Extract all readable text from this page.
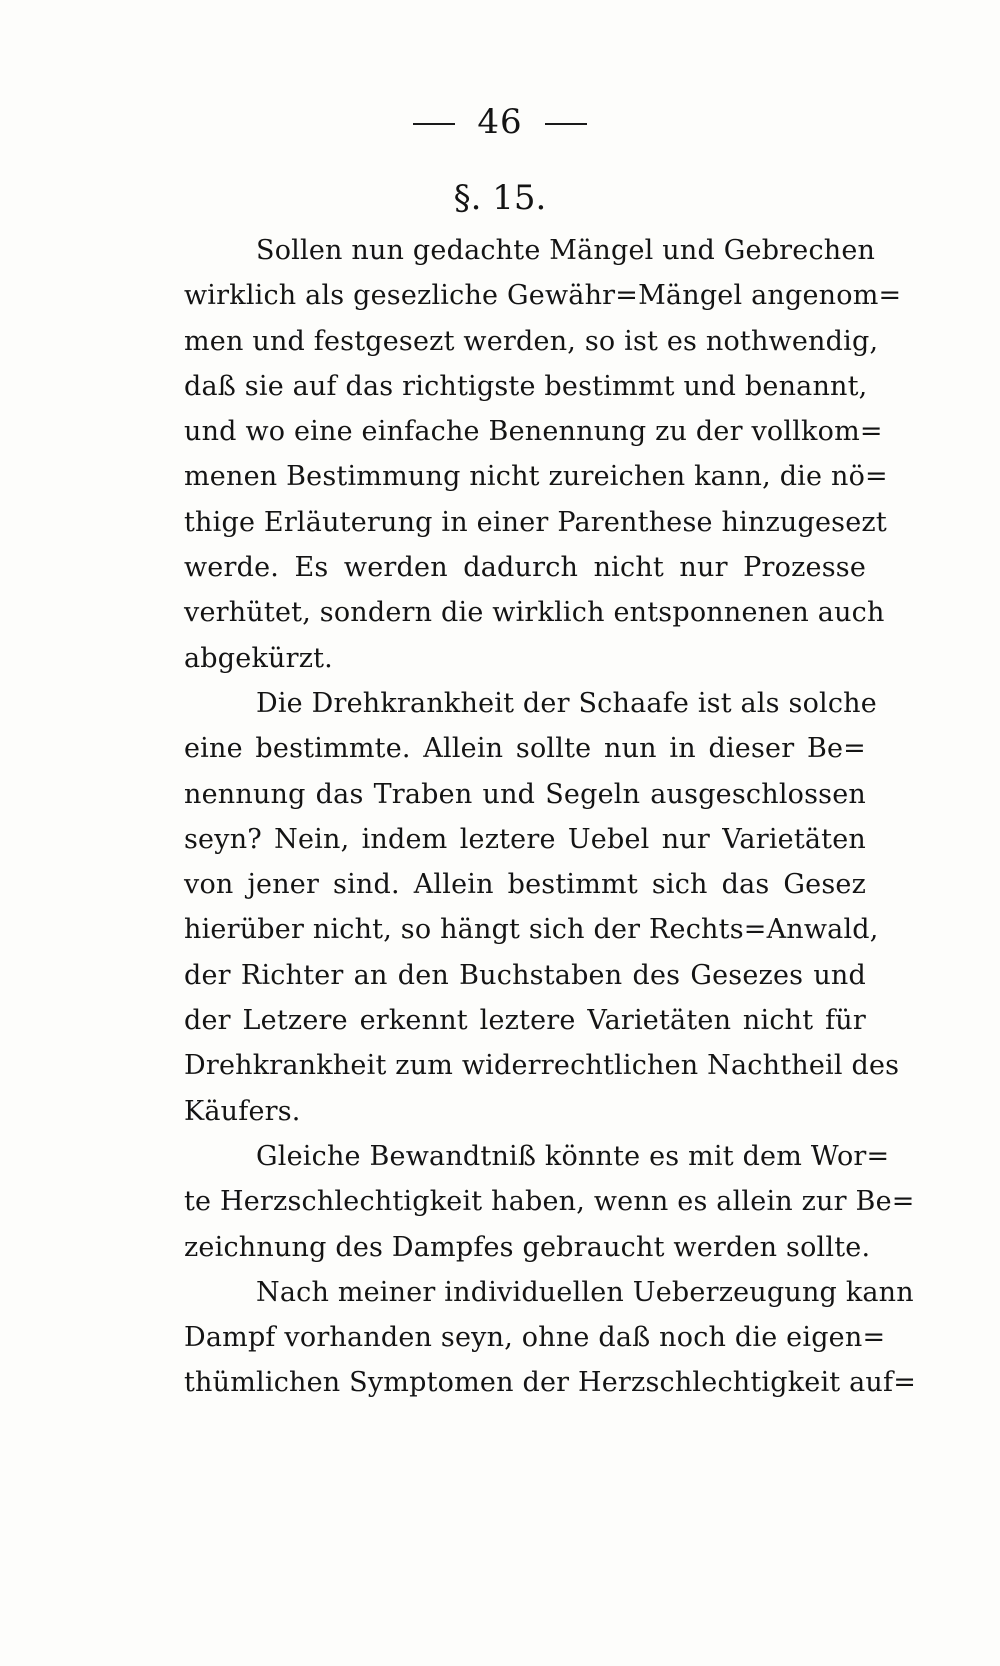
46
§. 15.
Sollen nun gedachte Mängel und Gebrechen
wirklich als gesezliche Gewähr=Mängel angenom=
men und festgesezt werden, so ist es nothwendig,
daß sie auf das richtigste bestimmt und benannt,
und wo eine einfache Benennung zu der vollkom=
menen Bestimmung nicht zureichen kann, die nö=
thige Erläuterung in einer Parenthese hinzugesezt
werde. Es werden dadurch nicht nur Prozesse
verhütet, sondern die wirklich entsponnenen auch
abgekürzt.
Die Drehkrankheit der Schaafe ist als solche
eine bestimmte. Allein sollte nun in dieser Be=
nennung das Traben und Segeln ausgeschlossen
seyn? Nein, indem leztere Uebel nur Varietäten
von jener sind. Allein bestimmt sich das Gesez
hierüber nicht, so hängt sich der Rechts=Anwald,
der Richter an den Buchstaben des Gesezes und
der Letzere erkennt leztere Varietäten nicht für
Drehkrankheit zum widerrechtlichen Nachtheil des
Käufers.
Gleiche Bewandtniß könnte es mit dem Wor=
te Herzschlechtigkeit haben, wenn es allein zur Be=
zeichnung des Dampfes gebraucht werden sollte.
Nach meiner individuellen Ueberzeugung kann
Dampf vorhanden seyn, ohne daß noch die eigen=
thümlichen Symptomen der Herzschlechtigkeit auf=
